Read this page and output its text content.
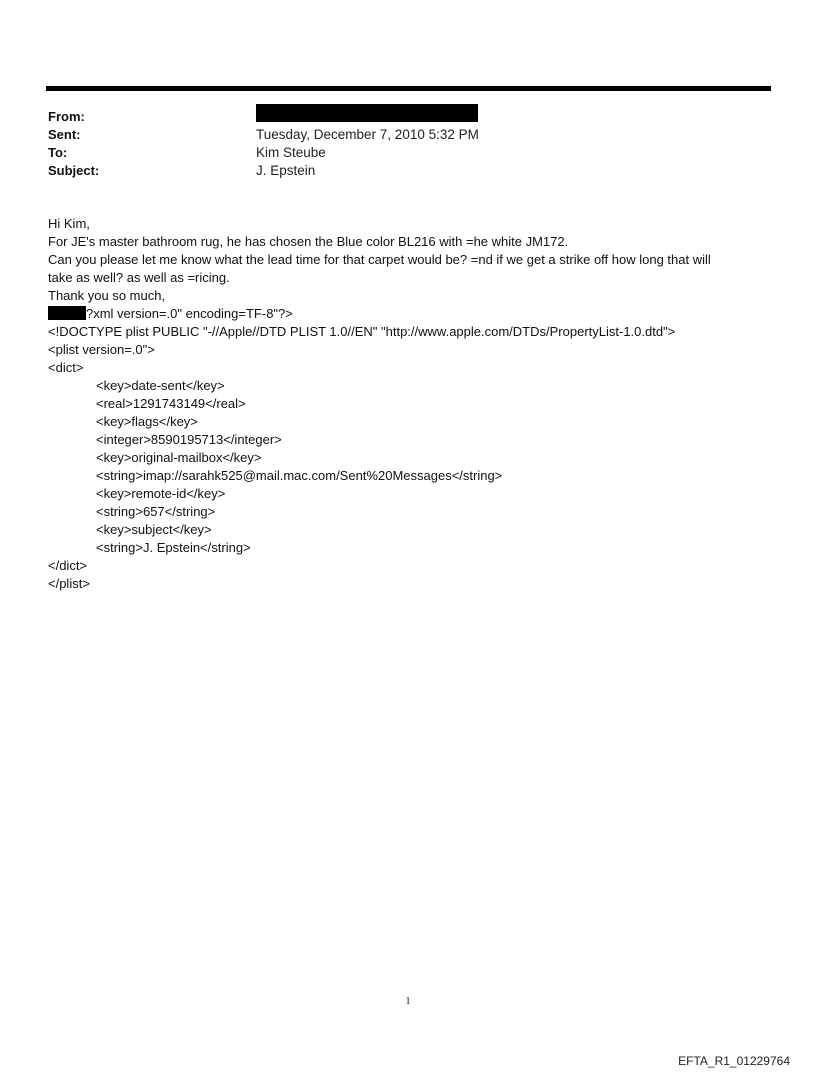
From:
Sent:	Tuesday, December 7, 2010 5:32 PM
To:	Kim Steube
Subject:	J. Epstein

Hi Kim,

For JE's master bathroom rug, he has chosen the Blue color BL216 with =he white JM172.

Can you please let me know what the lead time for that carpet would be? =nd if we get a strike off how long that will

take as well? as well as =ricing.

Thank you so much,

?xml version=.0" encoding=TF-8"?>

<!DOCTYPE plist PUBLIC "-//Apple//DTD PLIST 1.0//EN" "http://www.apple.com/DTDs/PropertyList-1.0.dtd">

<plist version=.0">

<dict>

<key>date-sent</key>

<real>1291743149</real>

<key>flags</key>

<integer>8590195713</integer>

<key>original-mailbox</key>

<string>imap://sarahk525@mail.mac.com/Sent%20Messages</string>

<key>remote-id</key>

<string>657</string>

<key>subject</key>

<string>J. Epstein</string>

</dict>

</plist>

1
EFTA_R1_01229764
